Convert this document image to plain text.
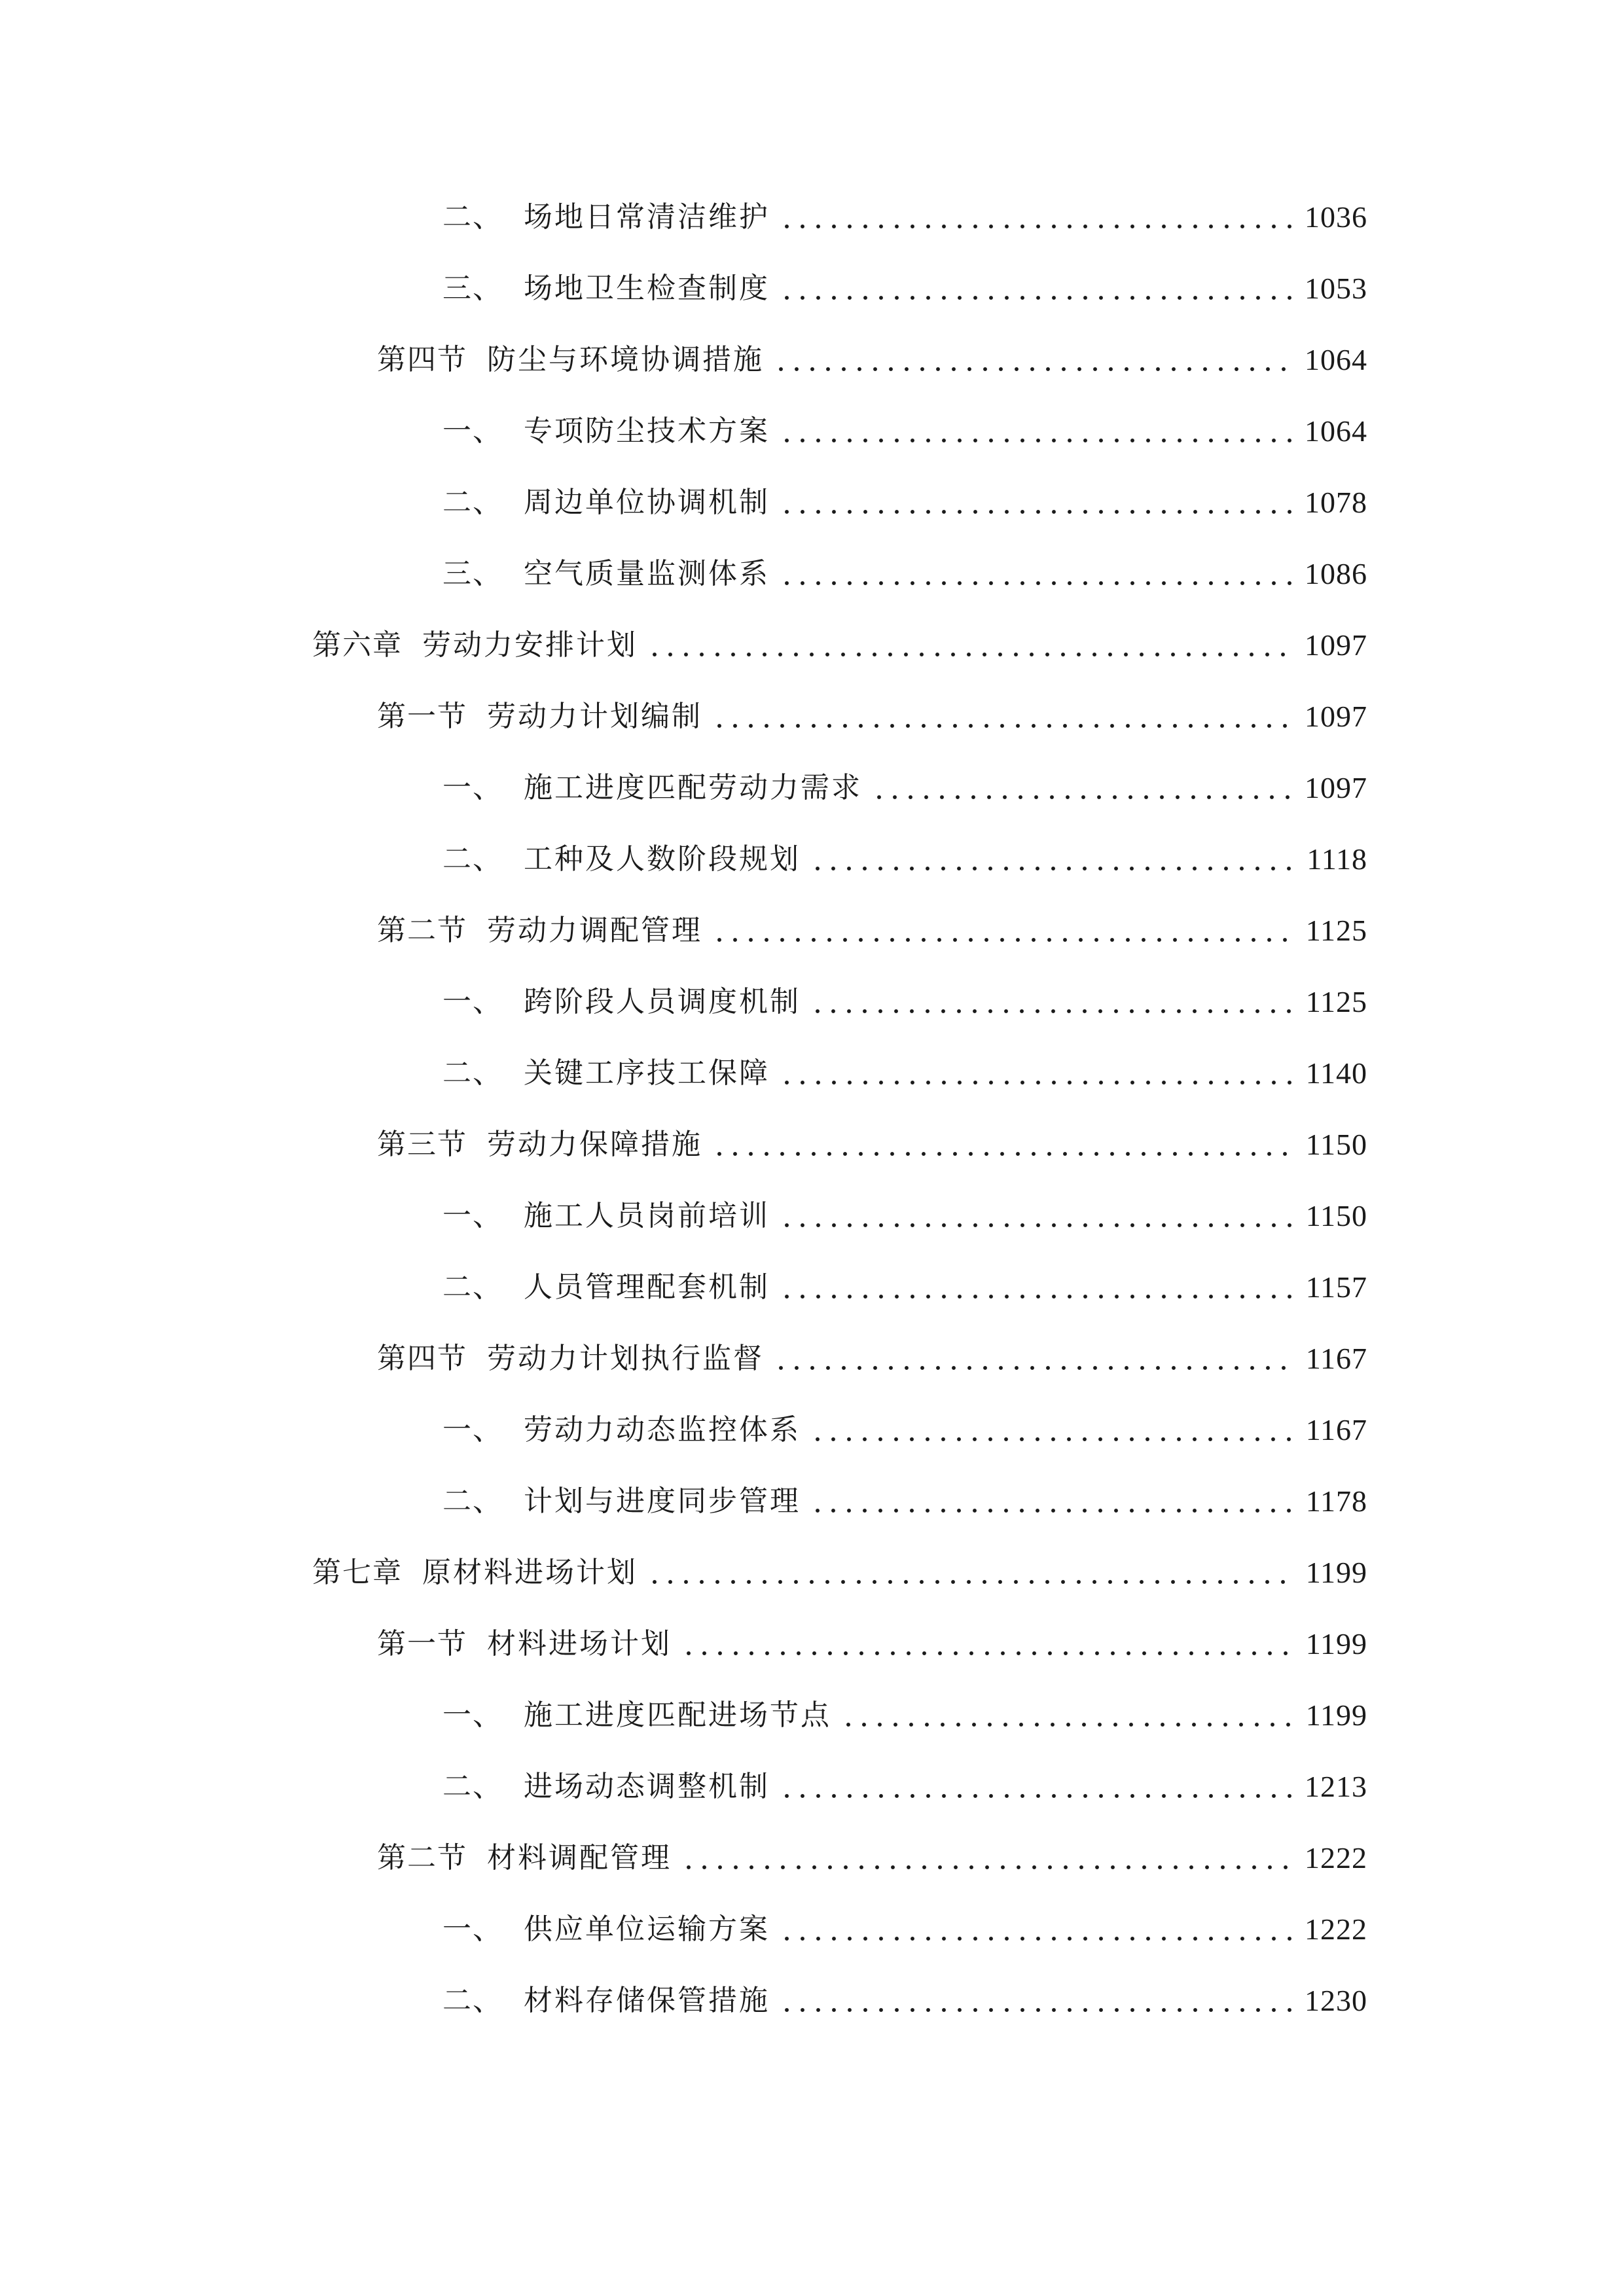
二、 场地日常清洁维护	1036
三、 场地卫生检查制度	1053
第四节 防尘与环境协调措施	1064
一、 专项防尘技术方案	1064
二、 周边单位协调机制	1078
三、 空气质量监测体系	1086
第六章 劳动力安排计划	1097
第一节 劳动力计划编制	1097
一、 施工进度匹配劳动力需求	1097
二、 工种及人数阶段规划	1118
第二节 劳动力调配管理	1125
一、 跨阶段人员调度机制	1125
二、 关键工序技工保障	1140
第三节 劳动力保障措施	1150
一、 施工人员岗前培训	1150
二、 人员管理配套机制	1157
第四节 劳动力计划执行监督	1167
一、 劳动力动态监控体系	1167
二、 计划与进度同步管理	1178
第七章 原材料进场计划	1199
第一节 材料进场计划	1199
一、 施工进度匹配进场节点	1199
二、 进场动态调整机制	1213
第二节 材料调配管理	1222
一、 供应单位运输方案	1222
二、 材料存储保管措施	1230
